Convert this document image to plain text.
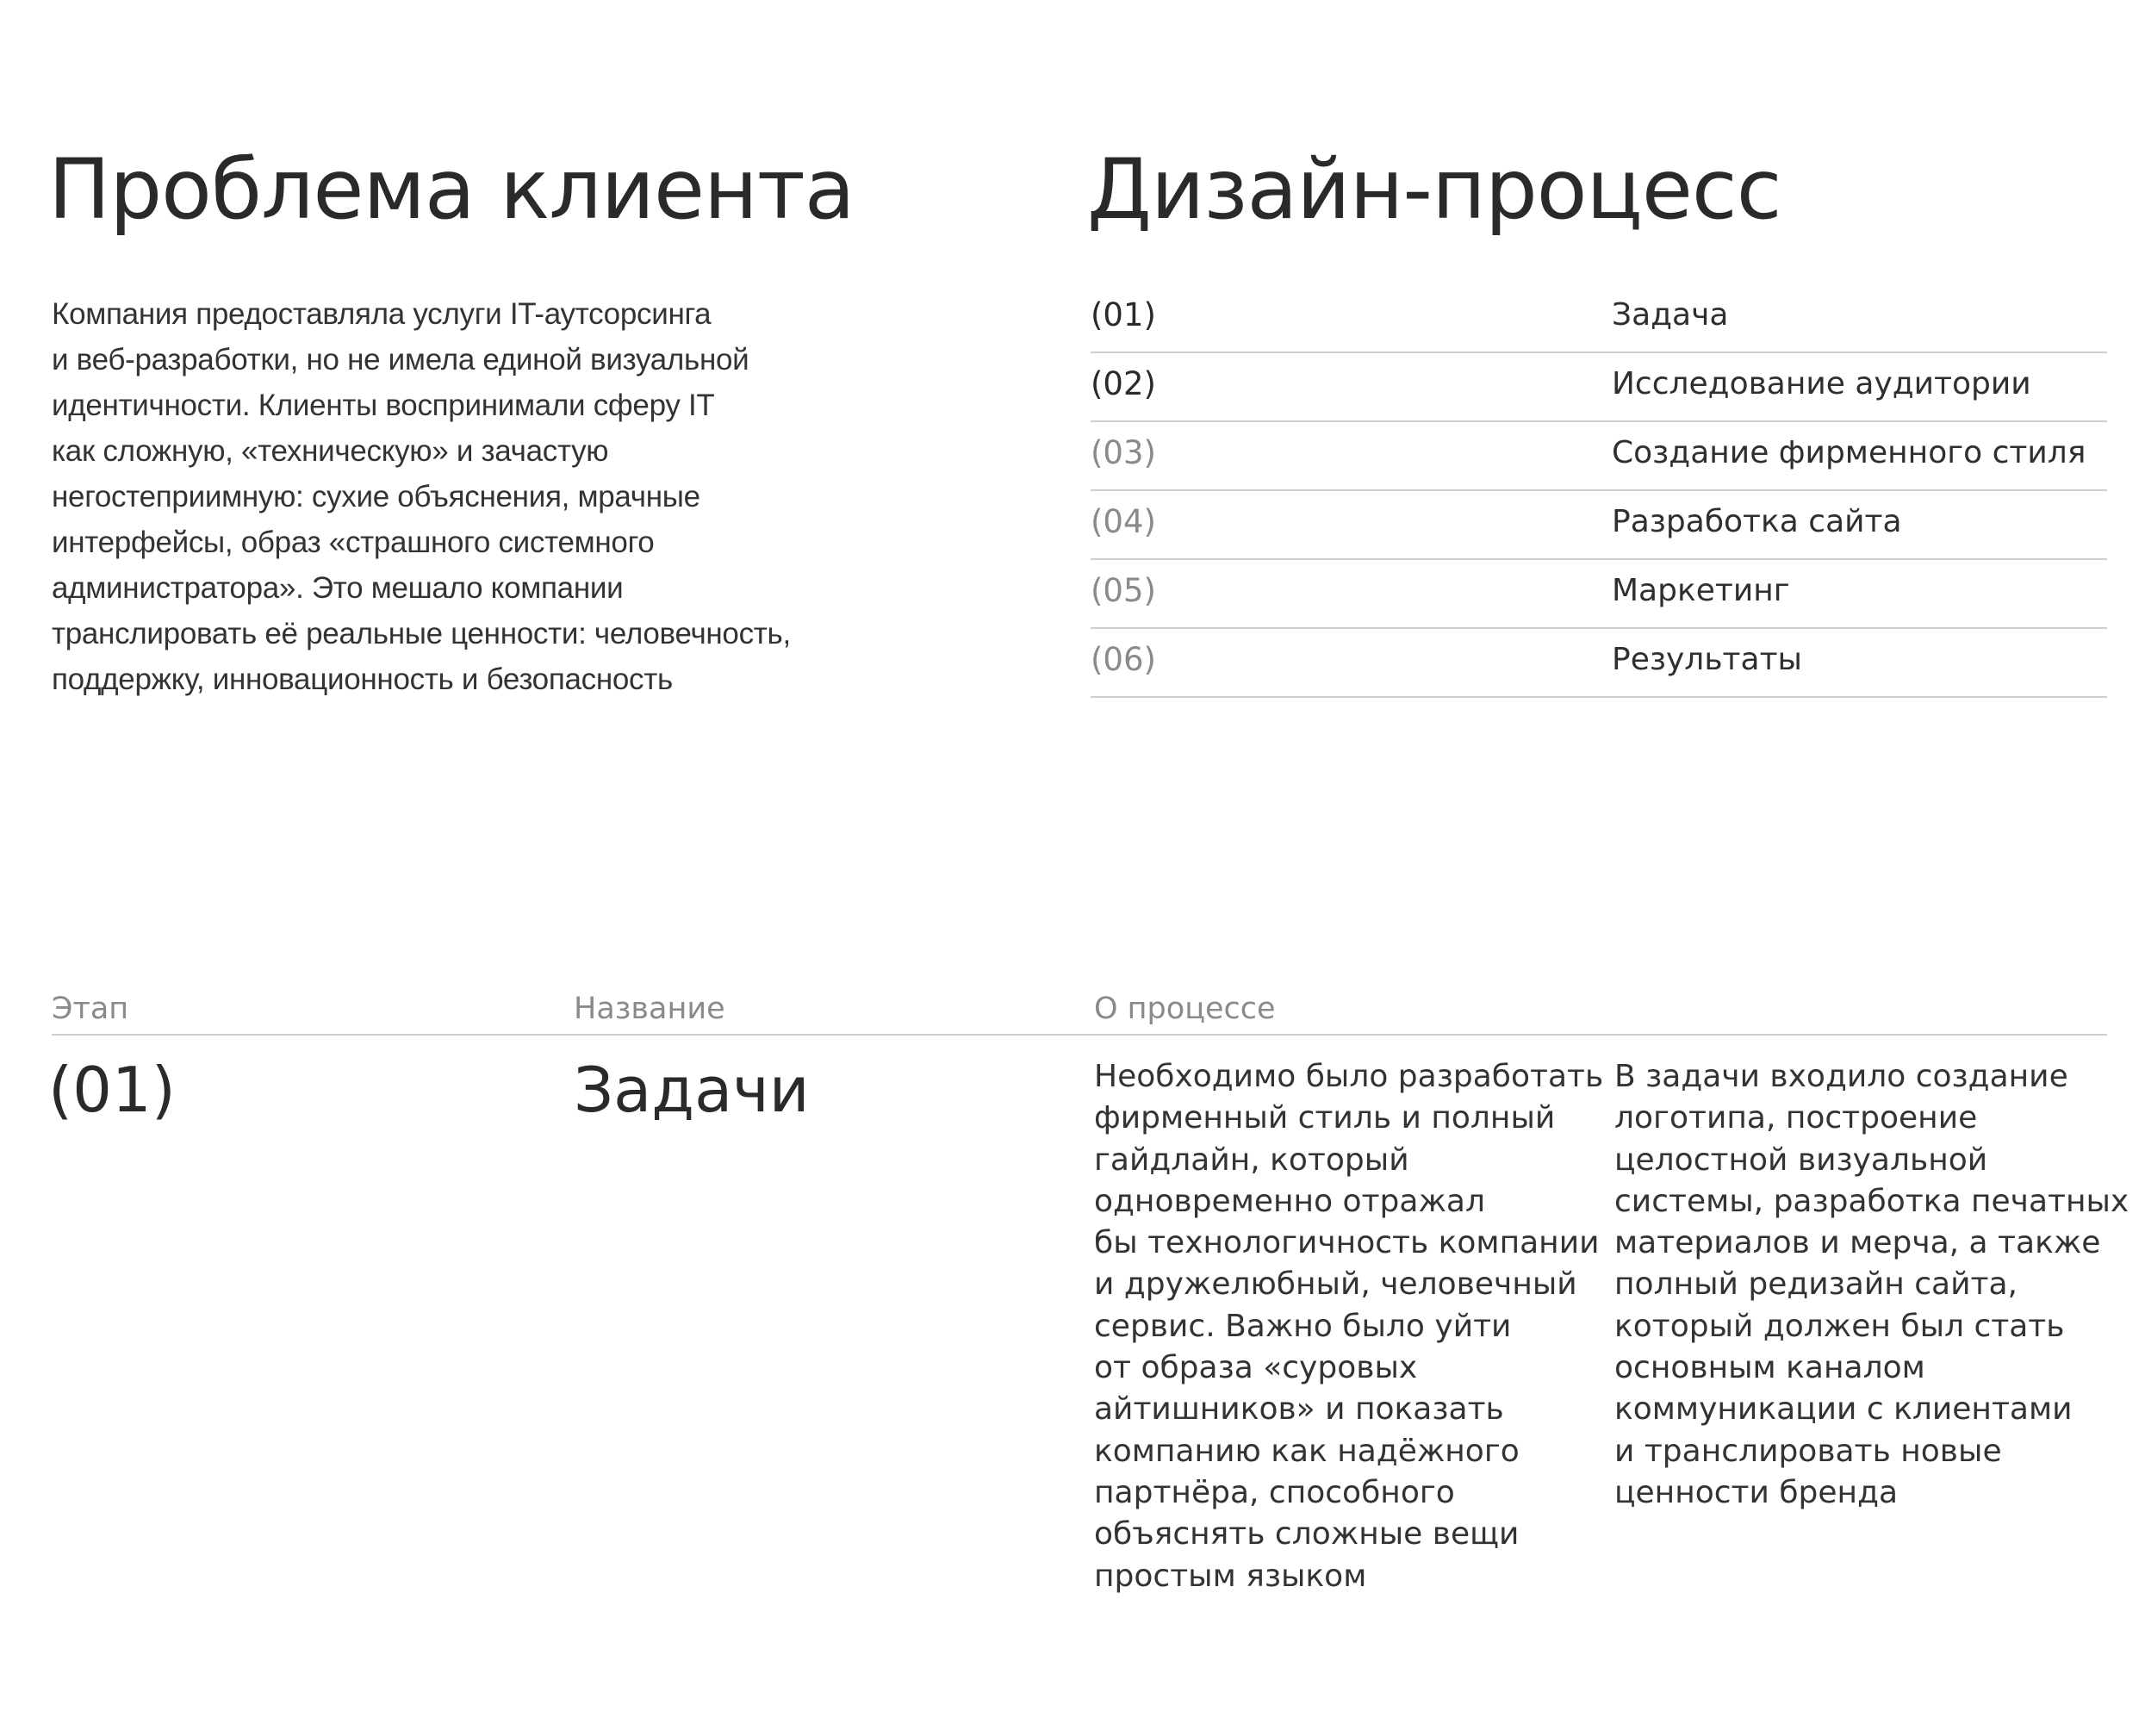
Проблема клиента	Дизайн-процесс

Компания предоставляла услуги IT-аутсорсинга
и веб-разработки, но не имела единой визуальной
идентичности. Клиенты воспринимали сферу IT
как сложную, «техническую» и зачастую
негостеприимную: сухие объяснения, мрачные
интерфейсы, образ «страшного системного
администратора». Это мешало компании
транслировать её реальные ценности: человечность,
поддержку, инновационность и безопасность

(01)	Задача
(02)	Исследование аудитории
(03)	Создание фирменного стиля
(04)	Разработка сайта
(05)	Маркетинг
(06)	Результаты
Этап	Название	О процессе
(01)	Задачи	Необходимо было разработать
фирменный стиль и полный
гайдлайн, который
одновременно отражал
бы технологичность компании
и дружелюбный, человечный
сервис. Важно было уйти
от образа «суровых
айтишников» и показать
компанию как надёжного
партнёра, способного
объяснять сложные вещи
простым языком

В задачи входило создание
логотипа, построение
целостной визуальной
системы, разработка печатных
материалов и мерча, а также
полный редизайн сайта,
который должен был стать
основным каналом
коммуникации с клиентами
и транслировать новые
ценности бренда
